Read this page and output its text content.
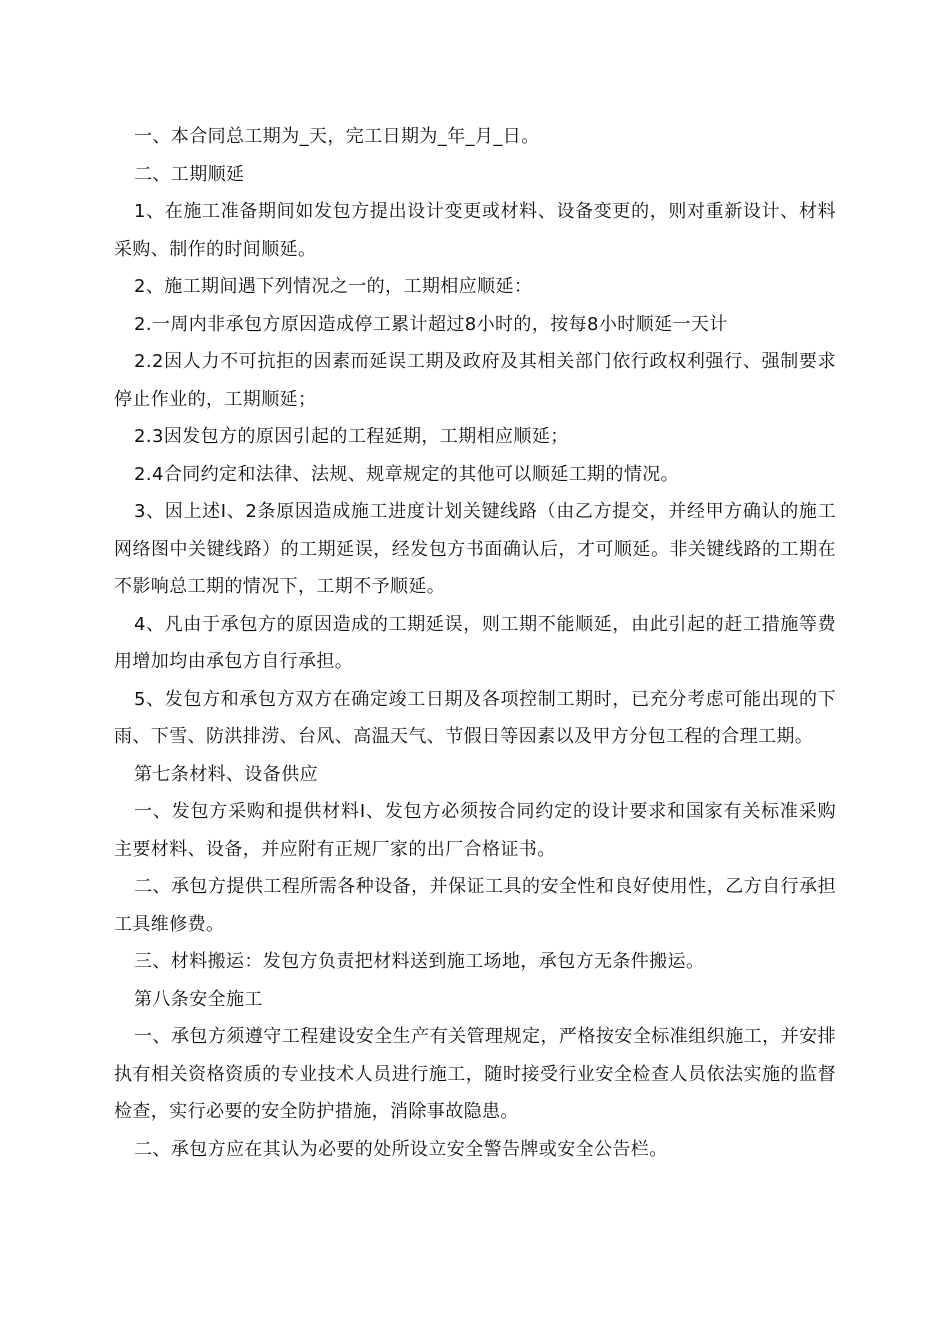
一、本合同总工期为_天，完工日期为_年_月_日。

二、工期顺延

1、在施工准备期间如发包方提出设计变更或材料、设备变更的，则对重新设计、材料采购、制作的时间顺延。

2、施工期间遇下列情况之一的，工期相应顺延：

2.一周内非承包方原因造成停工累计超过8小时的，按每8小时顺延一天计

2.2因人力不可抗拒的因素而延误工期及政府及其相关部门依行政权利强行、强制要求停止作业的，工期顺延；

2.3因发包方的原因引起的工程延期，工期相应顺延；

2.4合同约定和法律、法规、规章规定的其他可以顺延工期的情况。

3、因上述I、2条原因造成施工进度计划关键线路（由乙方提交，并经甲方确认的施工网络图中关键线路）的工期延误，经发包方书面确认后，才可顺延。非关键线路的工期在不影响总工期的情况下，工期不予顺延。

4、凡由于承包方的原因造成的工期延误，则工期不能顺延，由此引起的赶工措施等费用增加均由承包方自行承担。

5、发包方和承包方双方在确定竣工日期及各项控制工期时，已充分考虑可能出现的下雨、下雪、防洪排涝、台风、高温天气、节假日等因素以及甲方分包工程的合理工期。

第七条材料、设备供应

一、发包方采购和提供材料I、发包方必须按合同约定的设计要求和国家有关标准采购主要材料、设备，并应附有正规厂家的出厂合格证书。

二、承包方提供工程所需各种设备，并保证工具的安全性和良好使用性，乙方自行承担工具维修费。

三、材料搬运：发包方负责把材料送到施工场地，承包方无条件搬运。

第八条安全施工

一、承包方须遵守工程建设安全生产有关管理规定，严格按安全标准组织施工，并安排执有相关资格资质的专业技术人员进行施工，随时接受行业安全检查人员依法实施的监督检查，实行必要的安全防护措施，消除事故隐患。

二、承包方应在其认为必要的处所设立安全警告牌或安全公告栏。
